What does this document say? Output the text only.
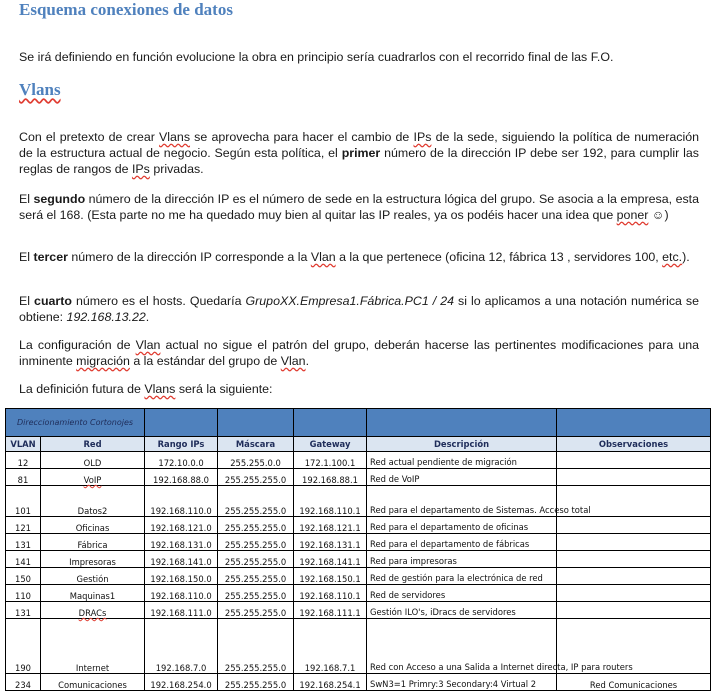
Esquema conexiones de datos

Se irá definiendo en función evolucione la obra en principio sería cuadrarlos con el recorrido final de las F.O.

Vlans

Con el pretexto de crear Vlans se aprovecha para hacer el cambio de IPs de la sede, siguiendo la política de numeración de la estructura actual de negocio. Según esta política, el primer número de la dirección IP debe ser 192, para cumplir las reglas de rangos de IPs privadas.

El segundo número de la dirección IP es el número de sede en la estructura lógica del grupo. Se asocia a la empresa, esta será el 168. (Esta parte no me ha quedado muy bien al quitar las IP reales, ya os podéis hacer una idea que poner ☺)

El tercer número de la dirección IP corresponde a la Vlan a la que pertenece (oficina 12, fábrica 13 , servidores 100, etc.).

El cuarto número es el hosts. Quedaría GrupoXX.Empresa1.Fábrica.PC1 / 24 si lo aplicamos a una notación numérica se obtiene: 192.168.13.22.

La configuración de Vlan actual no sigue el patrón del grupo, deberán hacerse las pertinentes modificaciones para una inminente migración a la estándar del grupo de Vlan.

La definición futura de Vlans será la siguiente:

Direccionamiento Cortonojes						
VLAN	Red	Rango IPs	Máscara	Gateway	Descripción	Observaciones
12	OLD	172.10.0.0	255.255.0.0	172.1.100.1	Red actual pendiente de migración	
81	VoIP	192.168.88.0	255.255.255.0	192.168.88.1	Red de VoIP	
101	Datos2	192.168.110.0	255.255.255.0	192.168.110.1	Red para el departamento de Sistemas. Acceso total	
121	Oficinas	192.168.121.0	255.255.255.0	192.168.121.1	Red para el departamento de oficinas	
131	Fábrica	192.168.131.0	255.255.255.0	192.168.131.1	Red para el departamento de fábricas	
141	Impresoras	192.168.141.0	255.255.255.0	192.168.141.1	Red para impresoras	
150	Gestión	192.168.150.0	255.255.255.0	192.168.150.1	Red de gestión para la electrónica de red	
110	Maquinas1	192.168.110.0	255.255.255.0	192.168.110.1	Red de servidores	
131	DRACs	192.168.111.0	255.255.255.0	192.168.111.1	Gestión ILO's, iDracs de servidores	
190	Internet	192.168.7.0	255.255.255.0	192.168.7.1	Red con Acceso a una Salida a Internet directa, IP para routers	
234	Comunicaciones	192.168.254.0	255.255.255.0	192.168.254.1	SwN3=1 Primry:3 Secondary:4 Virtual 2	Red Comunicaciones
